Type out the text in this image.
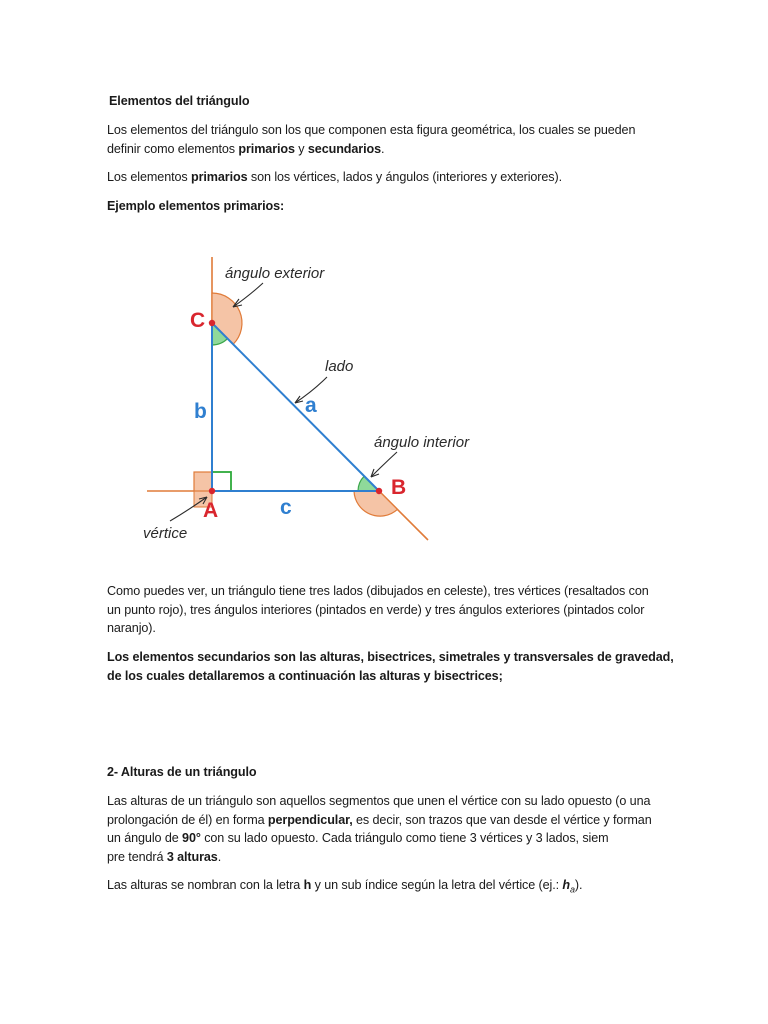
Elementos del triángulo

Los elementos del triángulo son los que componen esta figura geométrica, los cuales se pueden
definir como elementos primarios y secundarios.

Los elementos primarios son los vértices, lados y ángulos (interiores y exteriores).

Ejemplo elementos primarios:

C
A
B
b
c
a
ángulo exterior
lado
ángulo interior
vértice

Como puedes ver, un triángulo tiene tres lados (dibujados en celeste), tres vértices (resaltados con
un punto rojo), tres ángulos interiores (pintados en verde) y tres ángulos exteriores (pintados color
naranjo).

Los elementos secundarios son las alturas, bisectrices, simetrales y transversales de gravedad,
de los cuales detallaremos a continuación las alturas y bisectrices;

2- Alturas de un triángulo

Las alturas de un triángulo son aquellos segmentos que unen el vértice con su lado opuesto (o una
prolongación de él) en forma perpendicular, es decir, son trazos que van desde el vértice y forman
un ángulo de 90° con su lado opuesto. Cada triángulo como tiene 3 vértices y 3 lados, siem
pre tendrá 3 alturas.

Las alturas se nombran con la letra h y un sub índice según la letra del vértice (ej.: $h_a$).
